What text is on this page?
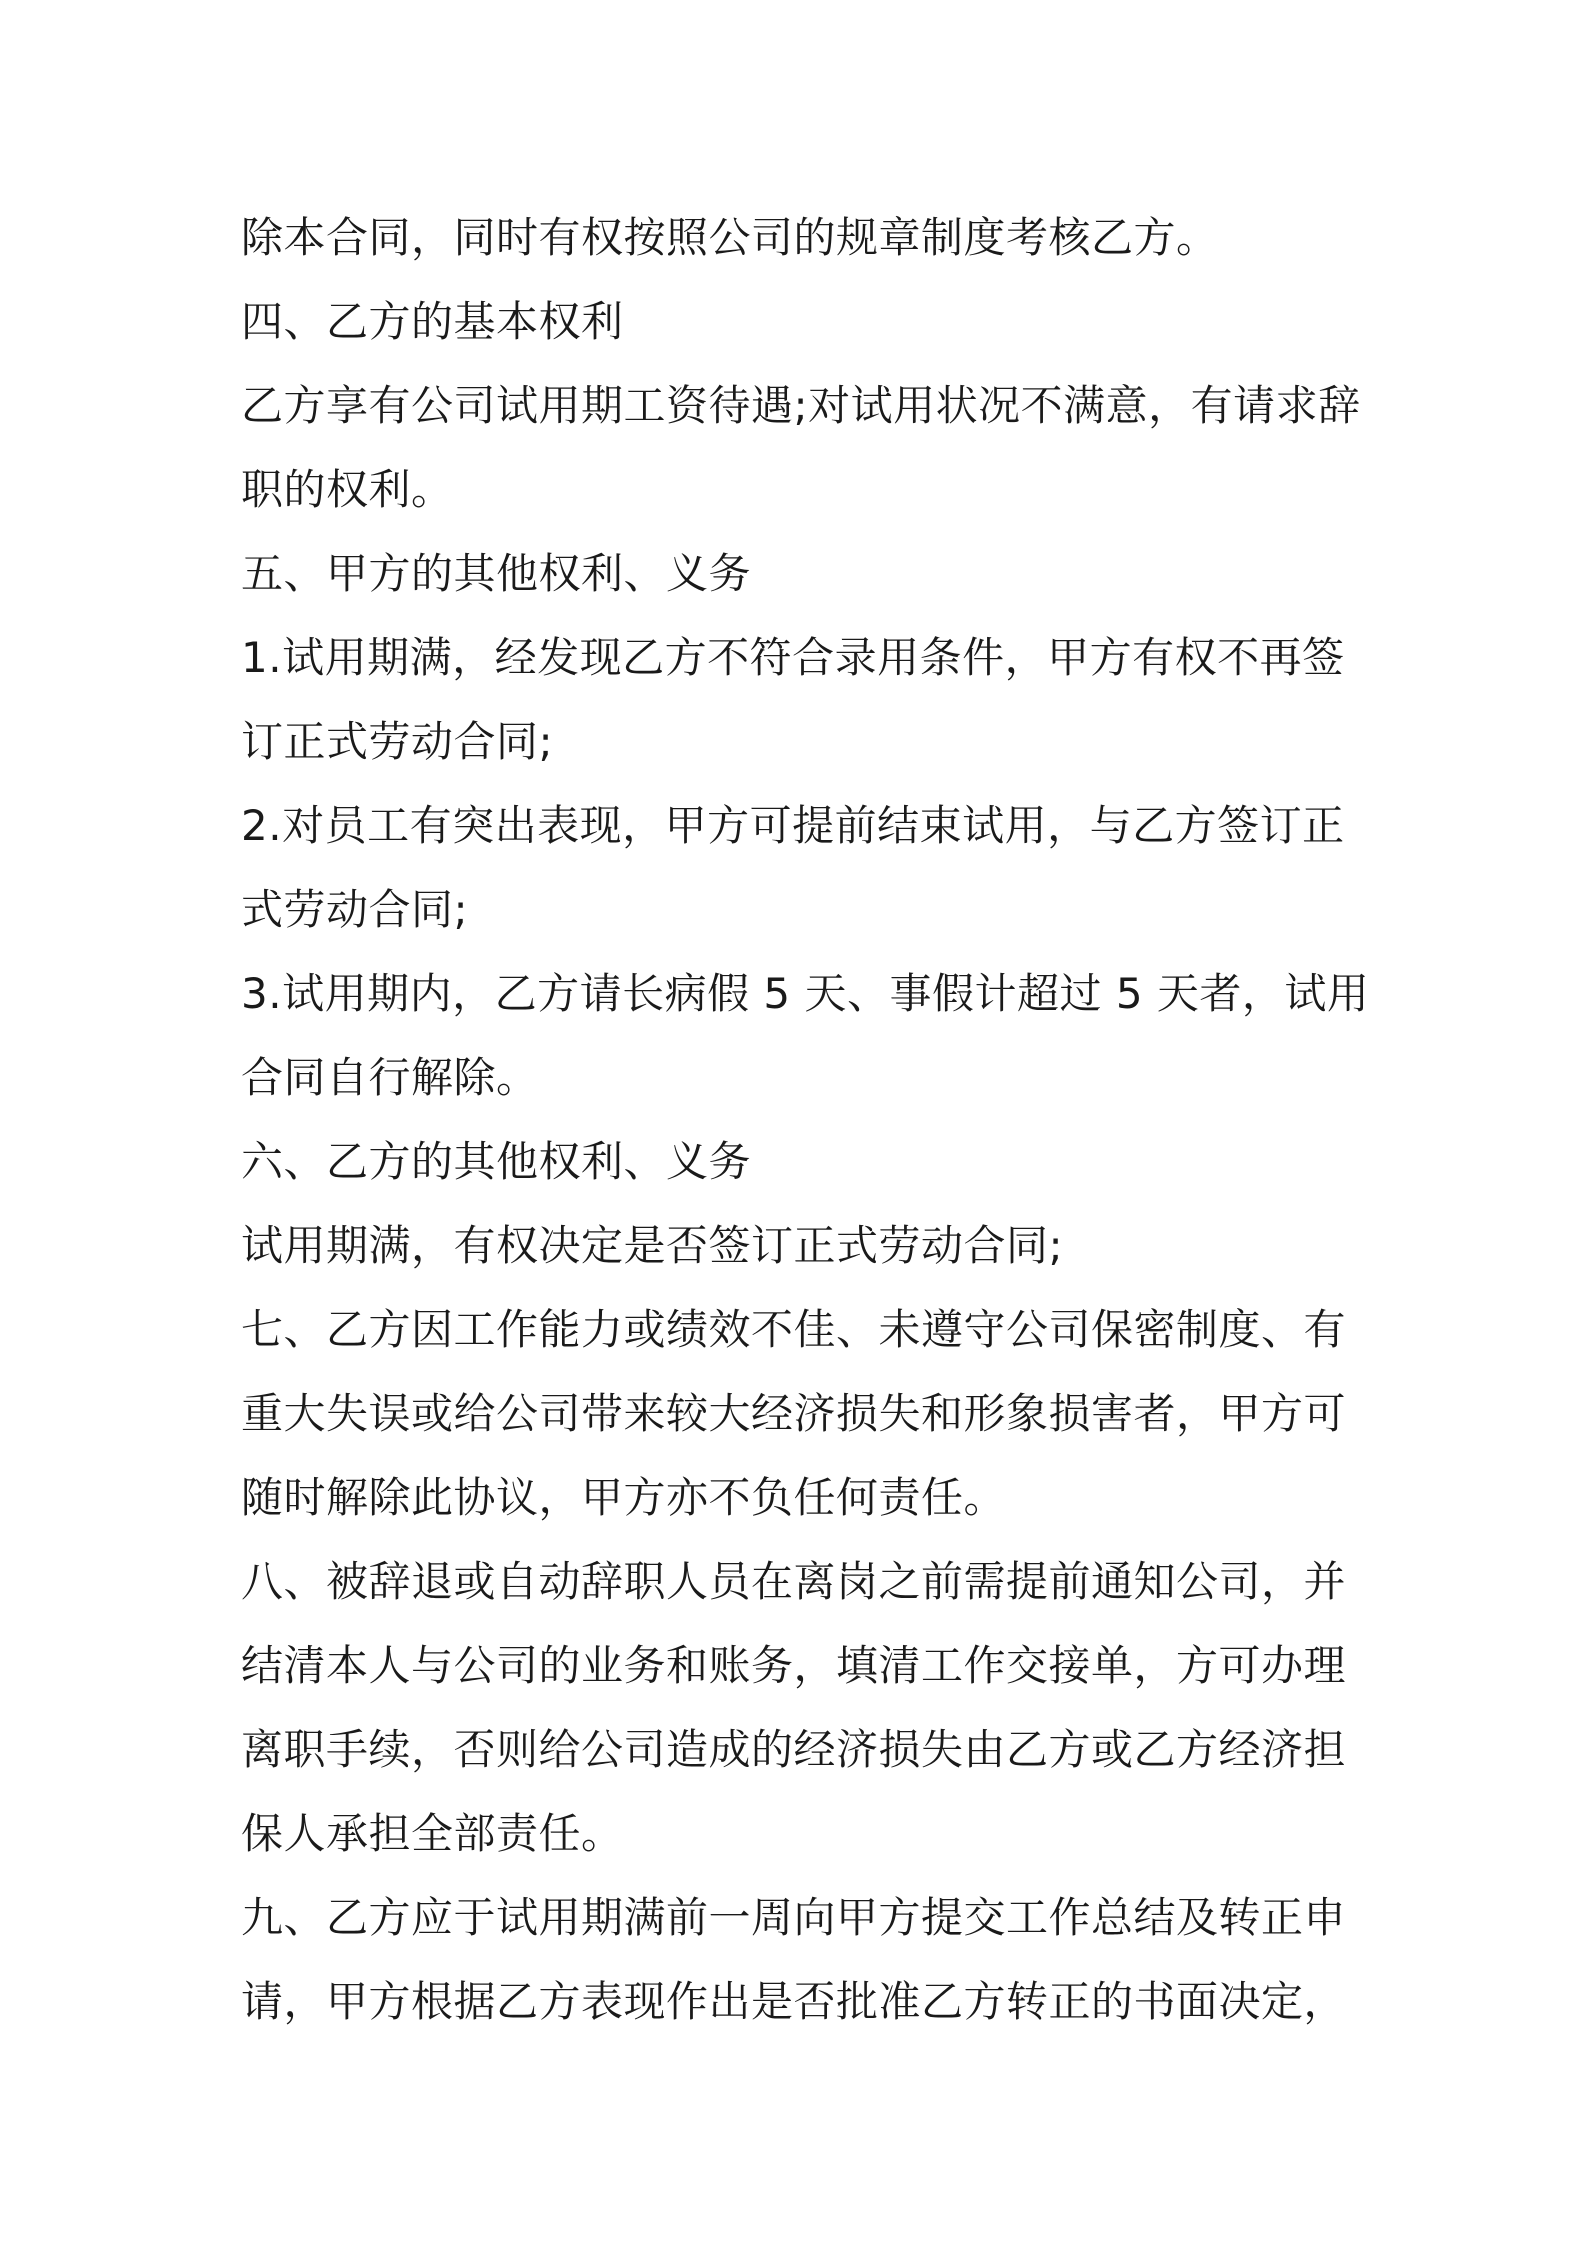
除本合同，同时有权按照公司的规章制度考核乙方。
四、乙方的基本权利
乙方享有公司试用期工资待遇;对试用状况不满意，有请求辞
职的权利。
五、甲方的其他权利、义务
1.试用期满，经发现乙方不符合录用条件，甲方有权不再签
订正式劳动合同;
2.对员工有突出表现，甲方可提前结束试用，与乙方签订正
式劳动合同;
3.试用期内，乙方请长病假 5 天、事假计超过 5 天者，试用
合同自行解除。
六、乙方的其他权利、义务
试用期满，有权决定是否签订正式劳动合同;
七、乙方因工作能力或绩效不佳、未遵守公司保密制度、有
重大失误或给公司带来较大经济损失和形象损害者，甲方可
随时解除此协议，甲方亦不负任何责任。
八、被辞退或自动辞职人员在离岗之前需提前通知公司，并
结清本人与公司的业务和账务，填清工作交接单，方可办理
离职手续，否则给公司造成的经济损失由乙方或乙方经济担
保人承担全部责任。
九、乙方应于试用期满前一周向甲方提交工作总结及转正申
请，甲方根据乙方表现作出是否批准乙方转正的书面决定，
